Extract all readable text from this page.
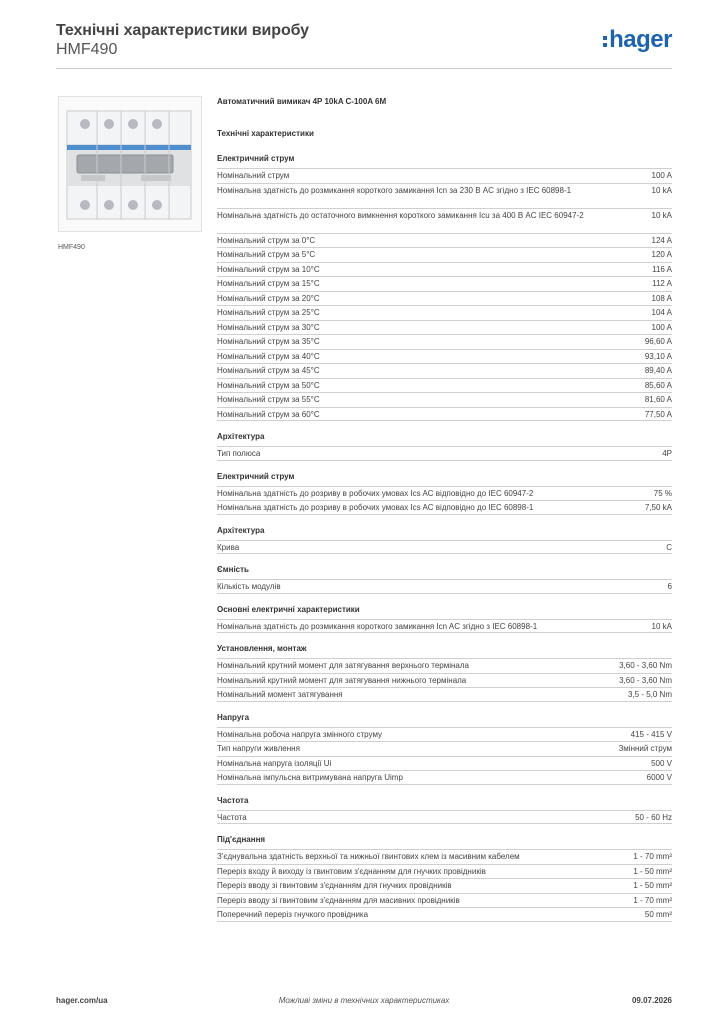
Технічні характеристики виробу
HMF490	hager
HMF490
Автоматичний вимикач 4P 10kA C-100A 6M
Технічні характеристики
Електричний струм
Номінальний струм	100 A
Номінальна здатність до розмикання короткого замикання Icn за 230 В AC згідно з IEC 60898-1	10 kA
Номінальна здатність до остаточного вимкнення короткого замикання Icu за 400 В AC IEC 60947-2	10 kA
Номінальний струм за 0°C	124 A
Номінальний струм за 5°C	120 A
Номінальний струм за 10°C	116 A
Номінальний струм за 15°C	112 A
Номінальний струм за 20°C	108 A
Номінальний струм за 25°C	104 A
Номінальний струм за 30°C	100 A
Номінальний струм за 35°C	96,60 A
Номінальний струм за 40°C	93,10 A
Номінальний струм за 45°C	89,40 A
Номінальний струм за 50°C	85,60 A
Номінальний струм за 55°C	81,60 A
Номінальний струм за 60°C	77,50 A
Архітектура
Тип полюса	4P
Електричний струм
Номінальна здатність до розриву в робочих умовах Ics AC відповідно до IEC 60947-2	75 %
Номінальна здатність до розриву в робочих умовах Ics AC відповідно до IEC 60898-1	7,50 kA
Архітектура
Крива	C
Ємність
Кількість модулів	6
Основні електричні характеристики
Номінальна здатність до розмикання короткого замикання Icn AC згідно з IEC 60898-1	10 kA
Установлення, монтаж
Номінальний крутний момент для затягування верхнього термінала	3,60 - 3,60 Nm
Номінальний крутний момент для затягування нижнього термінала	3,60 - 3,60 Nm
Номінальний момент затягування	3,5 - 5,0 Nm
Напруга
Номінальна робоча напруга змінного струму	415 - 415 V
Тип напруги живлення	Змінний струм
Номінальна напруга ізоляції Ui	500 V
Номінальна імпульсна витримувана напруга Uimp	6000 V
Частота
Частота	50 - 60 Hz
Під'єднання
З'єднувальна здатність верхньої та нижньої гвинтових клем із масивним кабелем	1 - 70 mm²
Переріз входу й виходу із гвинтовим з'єднанням для гнучких провідників	1 - 50 mm²
Переріз вводу зі гвинтовим з'єднанням для гнучких провідників	1 - 50 mm²
Переріз вводу зі гвинтовим з'єднанням для масивних провідників	1 - 70 mm²
Поперечний переріз гнучкого провідника	50 mm²
hager.com/ua	Можливі зміни в технічних характеристиках	09.07.2026
